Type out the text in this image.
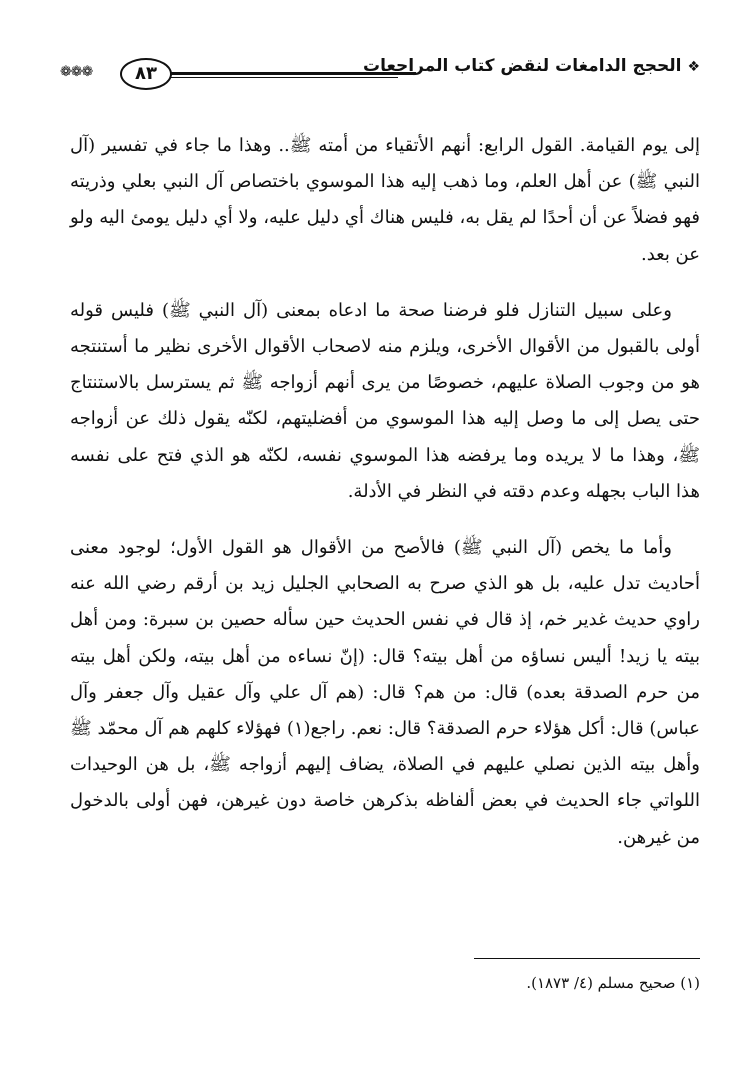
❖الحجج الدامغات لنقض كتاب المراجعات
٨٣
❁❁❁

إلى يوم القيامة. القول الرابع: أنهم الأتقياء من أمته ﷺ.. وهذا ما جاء في تفسير (آل النبي ﷺ) عن أهل العلم، وما ذهب إليه هذا الموسوي باختصاص آل النبي بعلي وذريته فهو فضلاً عن أن أحدًا لم يقل به، فليس هناك أي دليل عليه، ولا أي دليل يومئ اليه ولو عن بعد.

وعلى سبيل التنازل فلو فرضنا صحة ما ادعاه بمعنى (آل النبي ﷺ) فليس قوله أولى بالقبول من الأقوال الأخرى، ويلزم منه لاصحاب الأقوال الأخرى نظير ما أستنتجه هو من وجوب الصلاة عليهم، خصوصًا من يرى أنهم أزواجه ﷺ ثم يسترسل بالاستنتاج حتى يصل إلى ما وصل إليه هذا الموسوي من أفضليتهم، لكنّه يقول ذلك عن أزواجه ﷺ، وهذا ما لا يريده وما يرفضه هذا الموسوي نفسه، لكنّه هو الذي فتح على نفسه هذا الباب بجهله وعدم دقته في النظر في الأدلة.

وأما ما يخص (آل النبي ﷺ) فالأصح من الأقوال هو القول الأول؛ لوجود معنى أحاديث تدل عليه، بل هو الذي صرح به الصحابي الجليل زيد بن أرقم رضي الله عنه راوي حديث غدير خم، إذ قال في نفس الحديث حين سأله حصين بن سبرة: ومن أهل بيته يا زيد! أليس نساؤه من أهل بيته؟ قال: (إنّ نساءه من أهل بيته، ولكن أهل بيته من حرم الصدقة بعده) قال: من هم؟ قال: (هم آل علي وآل عقيل وآل جعفر وآل عباس) قال: أكل هؤلاء حرم الصدقة؟ قال: نعم. راجع(١) فهؤلاء كلهم هم آل محمّد ﷺ وأهل بيته الذين نصلي عليهم في الصلاة، يضاف إليهم أزواجه ﷺ، بل هن الوحيدات اللواتي جاء الحديث في بعض ألفاظه بذكرهن خاصة دون غيرهن، فهن أولى بالدخول من غيرهن.

(١) صحيح مسلم (٤/ ١٨٧٣).
